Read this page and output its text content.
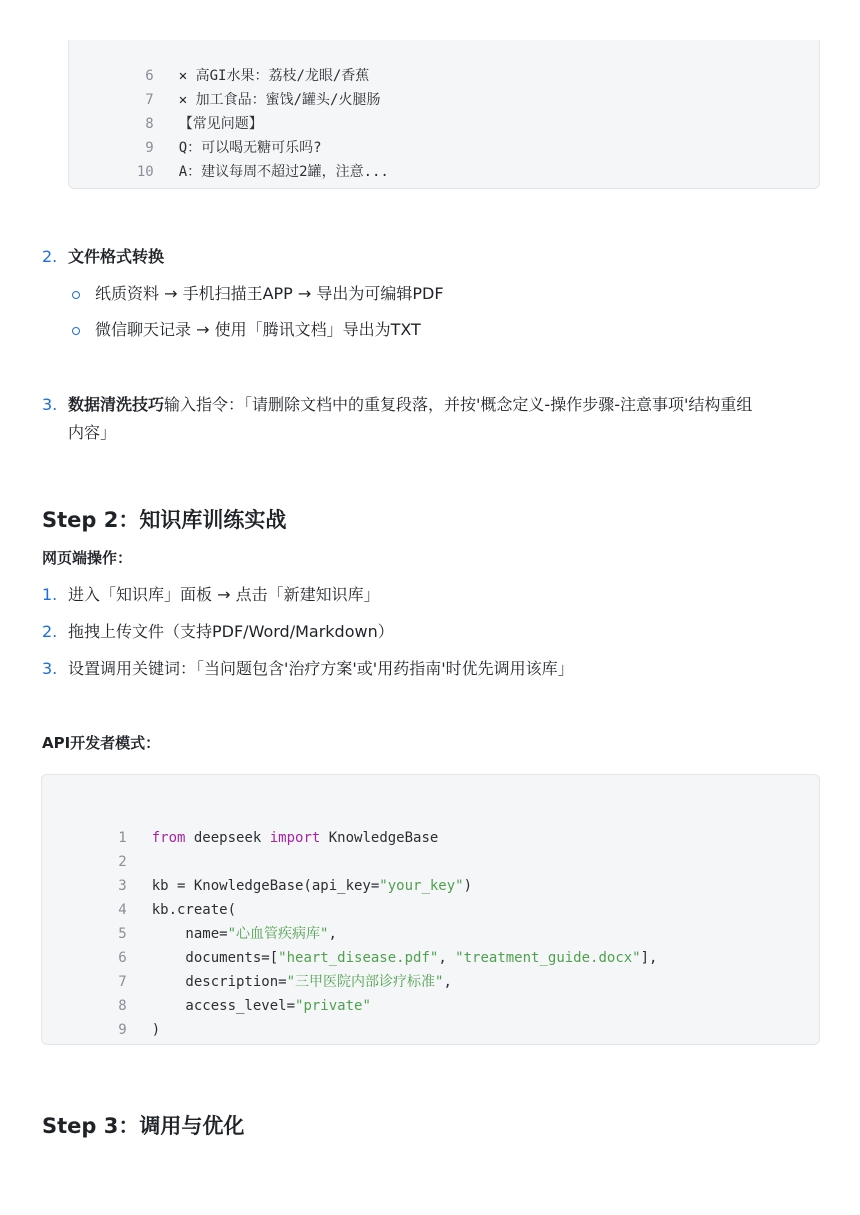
6 ✕ 高GI水果：荔枝/龙眼/香蕉

7 ✕ 加工食品：蜜饯/罐头/火腿肠

8 【常见问题】

9 Q：可以喝无糖可乐吗?

10 A：建议每周不超过2罐，注意...

2. 文件格式转换
纸质资料 → 手机扫描王APP → 导出为可编辑PDF
微信聊天记录 → 使用「腾讯文档」导出为TXT
3. 数据清洗技巧输入指令：「请删除文档中的重复段落，并按'概念定义-操作步骤-注意事项'结构重组
内容」
Step 2：知识库训练实战
网页端操作：
1. 进入「知识库」面板 → 点击「新建知识库」
2. 拖拽上传文件（支持PDF/Word/Markdown）
3. 设置调用关键词：「当问题包含'治疗方案'或'用药指南'时优先调用该库」
API开发者模式：

1 from deepseek import KnowledgeBase

2

3 kb = KnowledgeBase(api_key="your_key")

4 kb.create(

5    name="心血管疾病库",

6    documents=["heart_disease.pdf", "treatment_guide.docx"],

7    description="三甲医院内部诊疗标准",

8    access_level="private"

9 )

Step 3：调用与优化
